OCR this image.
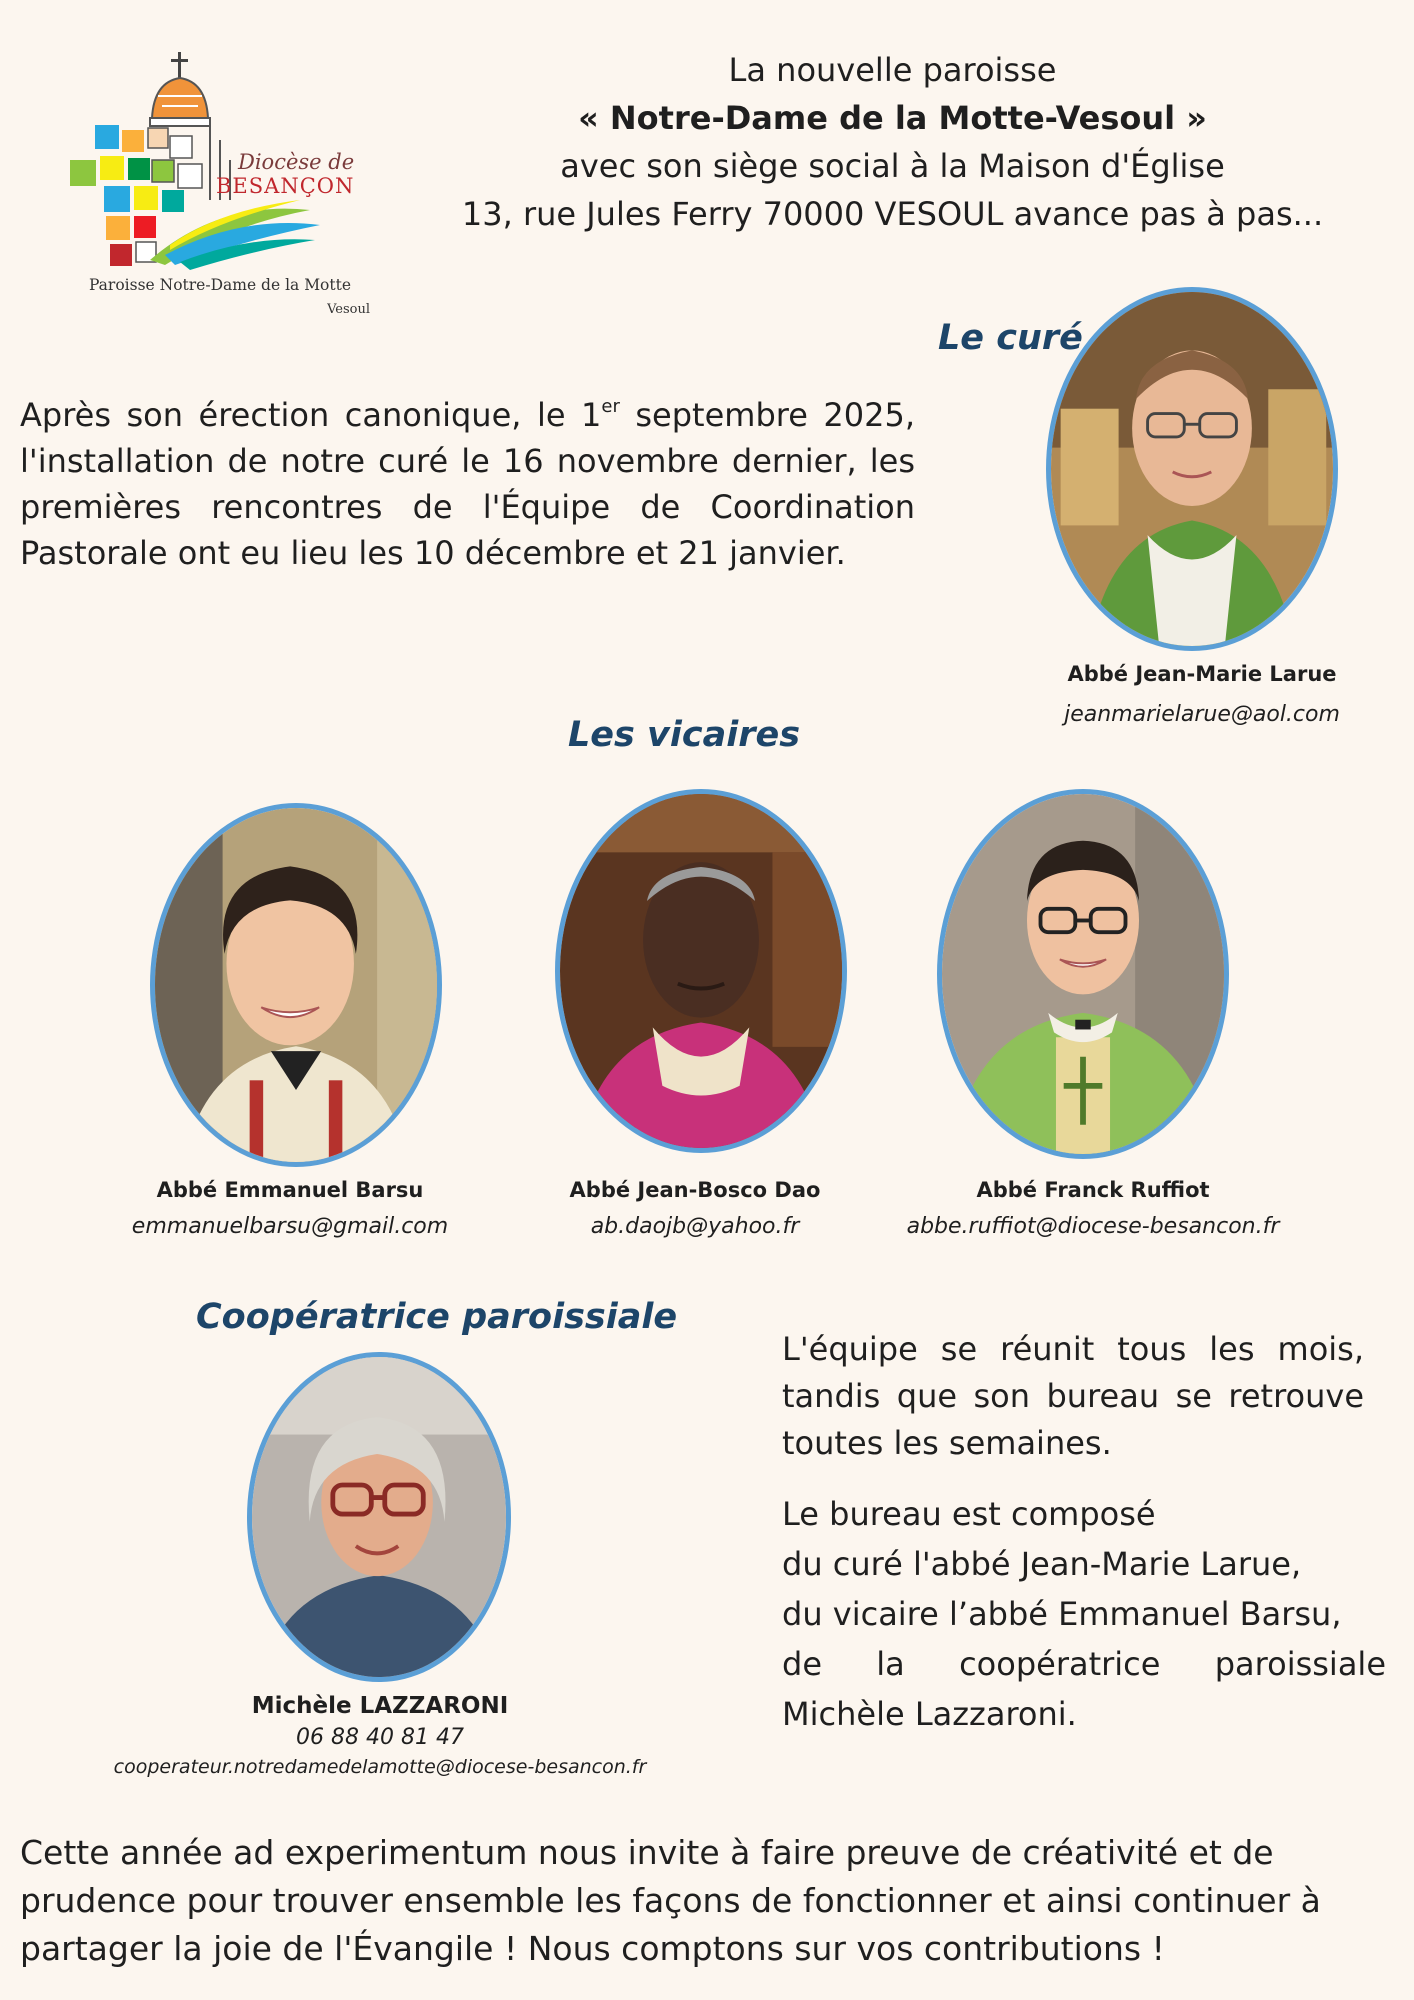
Diocèse de
BESANÇON
Paroisse Notre-Dame de la Motte
Vesoul
La nouvelle paroisse
« Notre-Dame de la Motte-Vesoul »
avec son siège social à la Maison d'Église
13, rue Jules Ferry 70000 VESOUL avance pas à pas...
Le curé
Abbé Jean-Marie Larue
jeanmarielarue@aol.com
Après son érection canonique, le 1er septembre 2025, l'installation de notre curé le 16 novembre dernier, les premières rencontres de l'Équipe de Coordination Pastorale ont eu lieu les 10 décembre et 21 janvier.
Les vicaires
Abbé Emmanuel Barsu
emmanuelbarsu@gmail.com
Abbé Jean-Bosco Dao
ab.daojb@yahoo.fr
Abbé Franck Ruffiot
abbe.ruffiot@diocese-besancon.fr
Coopératrice paroissiale
Michèle LAZZARONI
06 88 40 81 47
cooperateur.notredamedelamotte@diocese-besancon.fr
L'équipe se réunit tous les mois, tandis que son bureau se retrouve toutes les semaines.
Le bureau est composé
du curé l'abbé Jean-Marie Larue,
du vicaire l’abbé Emmanuel Barsu,
de la coopératrice paroissiale
Michèle Lazzaroni.
Cette année ad experimentum nous invite à faire preuve de créativité et de prudence pour trouver ensemble les façons de fonctionner et ainsi continuer à partager la joie de l'Évangile ! Nous comptons sur vos contributions !
